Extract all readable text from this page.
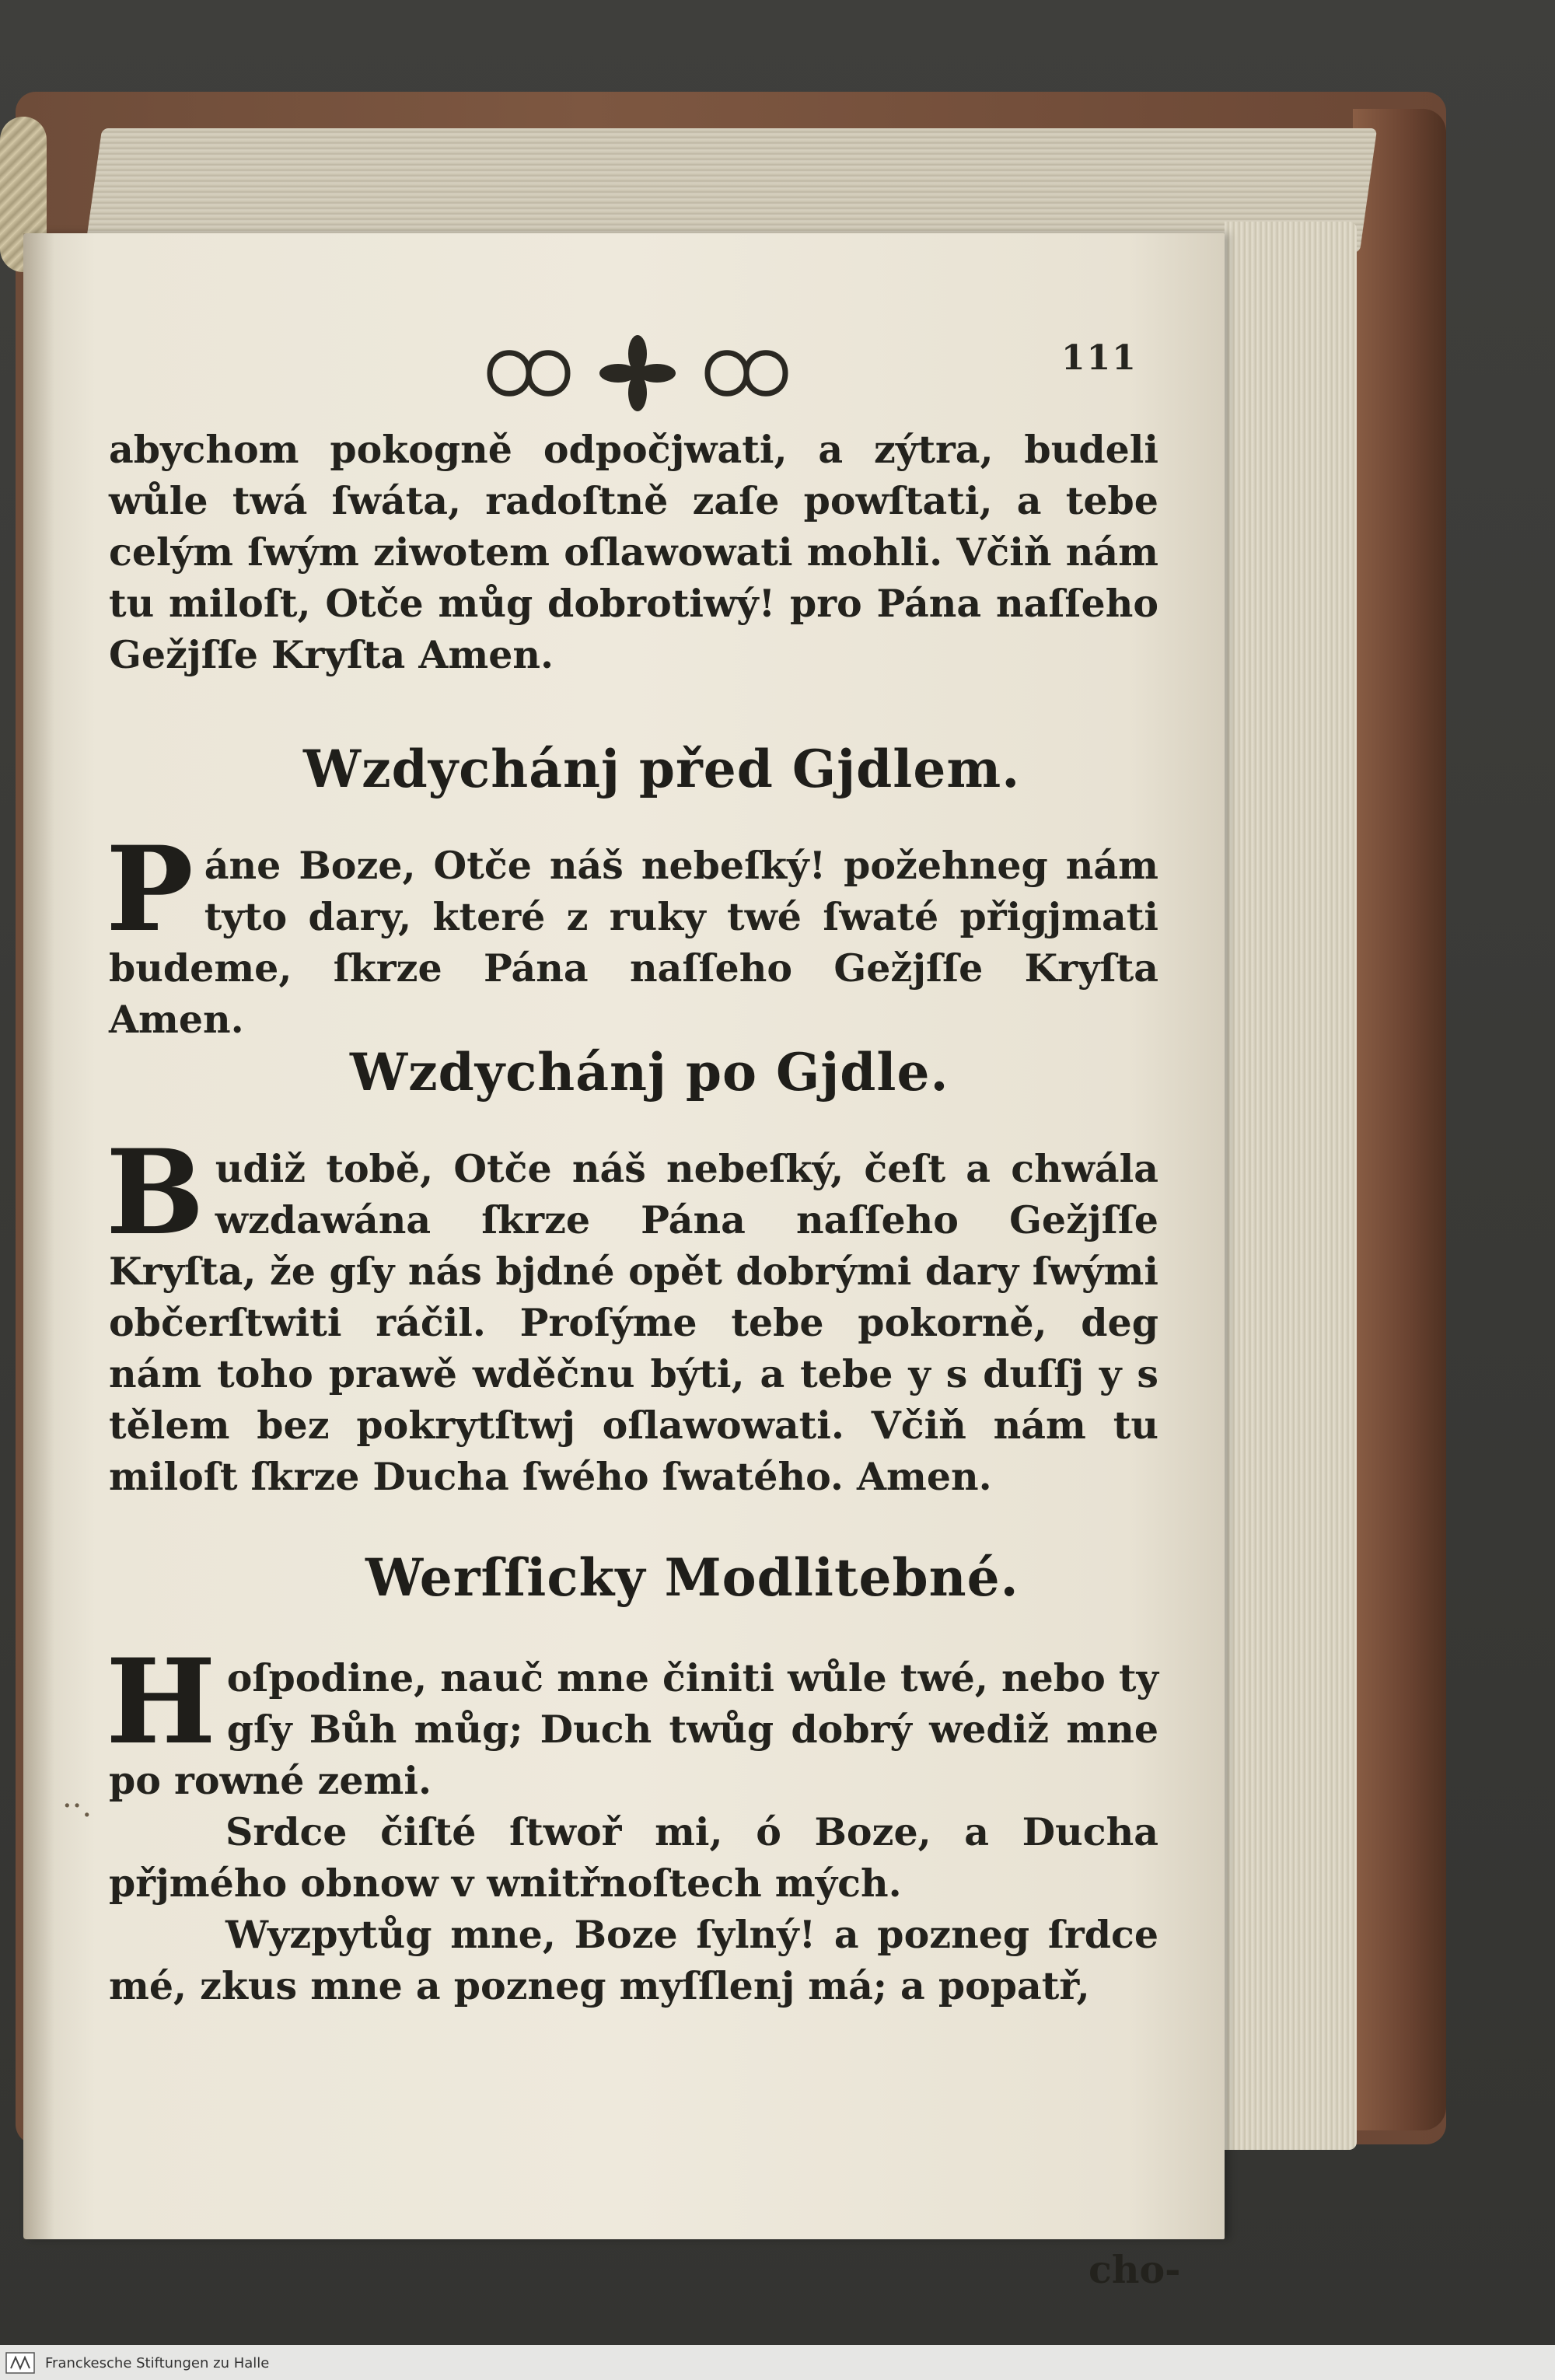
111

abychom pokogně odpočjwati, a zýtra, budeli wůle twá ſwáta, radoſtně zaſe powſtati, a tebe celým ſwým ziwotem oſlawowati mohli. Včiň nám tu miloſt, Otče můg dobrotiwý! pro Pána naſſeho Gežjſſe Kryſta Amen.

Wzdychánj před Gjdlem.
P áne Boze, Otče náš nebeſký! požehneg nám tyto dary, které z ruky twé ſwaté přigjmati budeme, ſkrze Pána naſſeho Gežjſſe Kryſta Amen.

Wzdychánj po Gjdle.
B udiž tobě, Otče náš nebeſký, čeſt a chwála wzdawána ſkrze Pána naſſeho Gežjſſe Kryſta, že gſy nás bjdné opět dobrými dary ſwými občerſtwiti ráčil. Proſýme tebe pokorně, deg nám toho prawě wděčnu býti, a tebe y s duſſj y s tělem bez pokrytſtwj oſlawowati. Včiň nám tu miloſt ſkrze Ducha ſwého ſwatého. Amen.

Werſſicky Modlitebné.
H oſpodine, nauč mne činiti wůle twé, nebo ty gſy Bůh můg; Duch twůg dobrý wediž mne po rowné zemi.

Srdce čiſté ſtwoř mi, ó Boze, a Ducha přjmého obnow v wnitřnoſtech mých.

Wyzpytůg mne, Boze ſylný! a pozneg ſrdce mé, zkus mne a pozneg myſſlenj má; a popatř,

cho-
··.
Franckesche Stiftungen zu Halle
